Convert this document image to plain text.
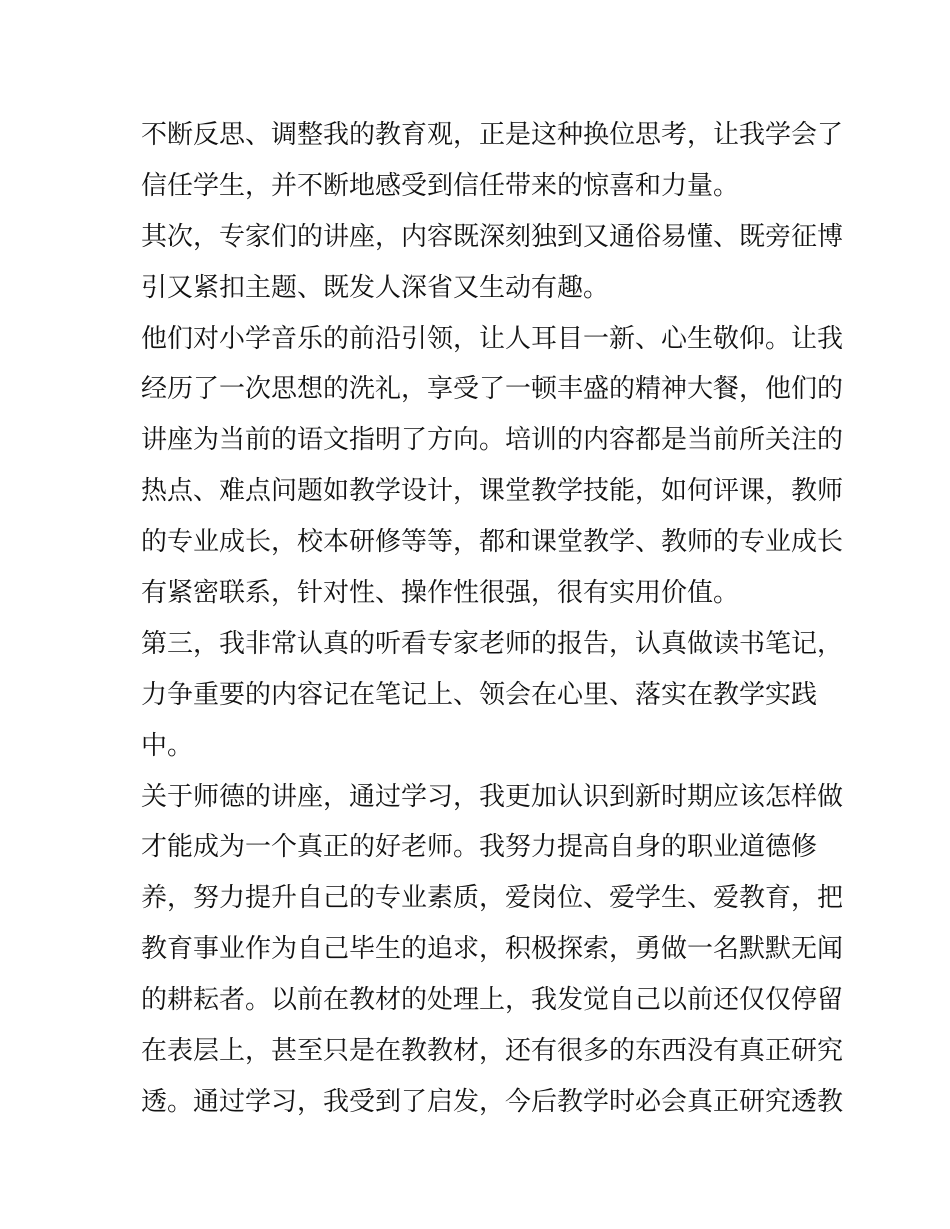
不断反思、调整我的教育观，正是这种换位思考，让我学会了
信任学生，并不断地感受到信任带来的惊喜和力量。
其次，专家们的讲座，内容既深刻独到又通俗易懂、既旁征博
引又紧扣主题、既发人深省又生动有趣。
他们对小学音乐的前沿引领，让人耳目一新、心生敬仰。让我
经历了一次思想的洗礼，享受了一顿丰盛的精神大餐，他们的
讲座为当前的语文指明了方向。培训的内容都是当前所关注的
热点、难点问题如教学设计，课堂教学技能，如何评课，教师
的专业成长，校本研修等等，都和课堂教学、教师的专业成长
有紧密联系，针对性、操作性很强，很有实用价值。
第三，我非常认真的听看专家老师的报告，认真做读书笔记，
力争重要的内容记在笔记上、领会在心里、落实在教学实践
中。
关于师德的讲座，通过学习，我更加认识到新时期应该怎样做
才能成为一个真正的好老师。我努力提高自身的职业道德修
养，努力提升自己的专业素质，爱岗位、爱学生、爱教育，把
教育事业作为自己毕生的追求，积极探索，勇做一名默默无闻
的耕耘者。以前在教材的处理上，我发觉自己以前还仅仅停留
在表层上，甚至只是在教教材，还有很多的东西没有真正研究
透。通过学习，我受到了启发，今后教学时必会真正研究透教
